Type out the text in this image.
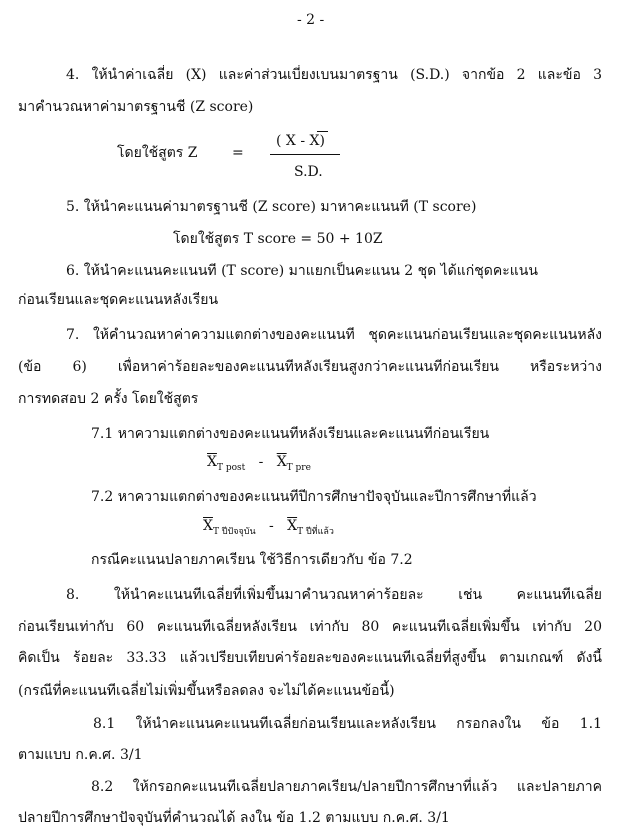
- 2 -
4. ให้นำค่าเฉลี่ย (X) และค่าส่วนเบี่ยงเบนมาตรฐาน (S.D.) จากข้อ 2 และข้อ 3
มาคำนวณหาค่ามาตรฐานชี (Z score)
โดยใช้สูตร Z =
( X - X)
S.D.
5. ให้นำคะแนนค่ามาตรฐานชี (Z score) มาหาคะแนนที (T score)
โดยใช้สูตร T score = 50 + 10Z
6. ให้นำคะแนนคะแนนที (T score) มาแยกเป็นคะแนน 2 ชุด ได้แก่ชุดคะแนน
ก่อนเรียนและชุดคะแนนหลังเรียน
7. ให้คำนวณหาค่าความแตกต่างของคะแนนที ชุดคะแนนก่อนเรียนและชุดคะแนนหลัง
(ข้อ 6) เพื่อหาค่าร้อยละของคะแนนทีหลังเรียนสูงกว่าคะแนนทีก่อนเรียน หรือระหว่าง
การทดสอบ 2 ครั้ง โดยใช้สูตร
7.1 หาความแตกต่างของคะแนนทีหลังเรียนและคะแนนทีก่อนเรียน
$\overline{X}_{T post} - \overline{X}_{T pre}$
7.2 หาความแตกต่างของคะแนนทีปีการศึกษาปัจจุบันและปีการศึกษาที่แล้ว
$\overline{X}_{T ปีปัจจุบัน} - \overline{X}_{T ปีที่แล้ว}$
กรณีคะแนนปลายภาคเรียน ใช้วิธีการเดียวกับ ข้อ 7.2
8. ให้นำคะแนนทีเฉลี่ยที่เพิ่มขึ้นมาคำนวณหาค่าร้อยละ เช่น คะแนนทีเฉลี่ย
ก่อนเรียนเท่ากับ 60 คะแนนทีเฉลี่ยหลังเรียน เท่ากับ 80 คะแนนทีเฉลี่ยเพิ่มขึ้น เท่ากับ 20
คิดเป็น ร้อยละ 33.33 แล้วเปรียบเทียบค่าร้อยละของคะแนนทีเฉลี่ยที่สูงขึ้น ตามเกณฑ์ ดังนี้
(กรณีที่คะแนนทีเฉลี่ยไม่เพิ่มขึ้นหรือลดลง จะไม่ได้คะแนนข้อนี้)
8.1 ให้นำคะแนนคะแนนทีเฉลี่ยก่อนเรียนและหลังเรียน กรอกลงใน ข้อ 1.1
ตามแบบ ก.ค.ศ. 3/1
8.2 ให้กรอกคะแนนทีเฉลี่ยปลายภาคเรียน/ปลายปีการศึกษาที่แล้ว และปลายภาค
ปลายปีการศึกษาปัจจุบันที่คำนวณได้ ลงใน ข้อ 1.2 ตามแบบ ก.ค.ศ. 3/1
